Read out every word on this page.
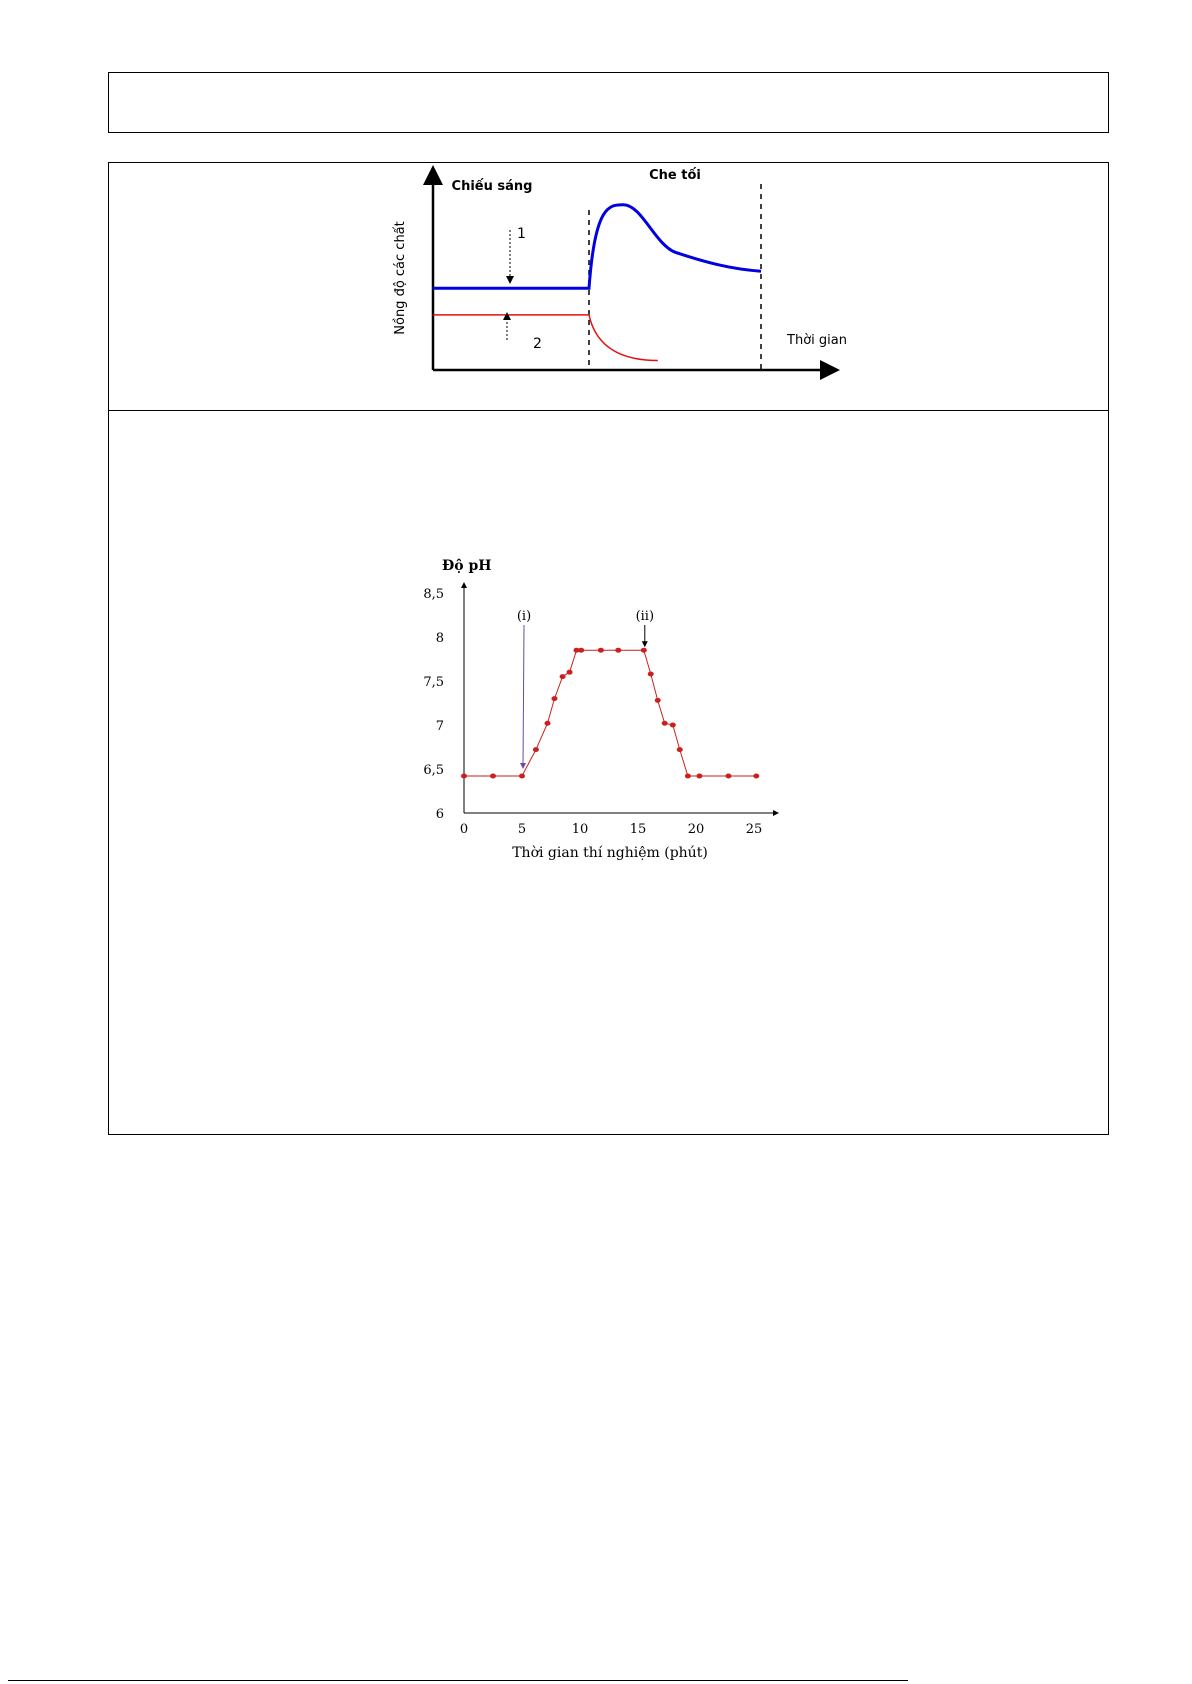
Chiếu sáng
Che tối
Nồng độ các chất
Thời gian
1
2
Độ pH
6
6,5
7
7,5
8
8,5
0	5	10	15	20	25
Thời gian thí nghiệm (phút)
(i)	(ii)
